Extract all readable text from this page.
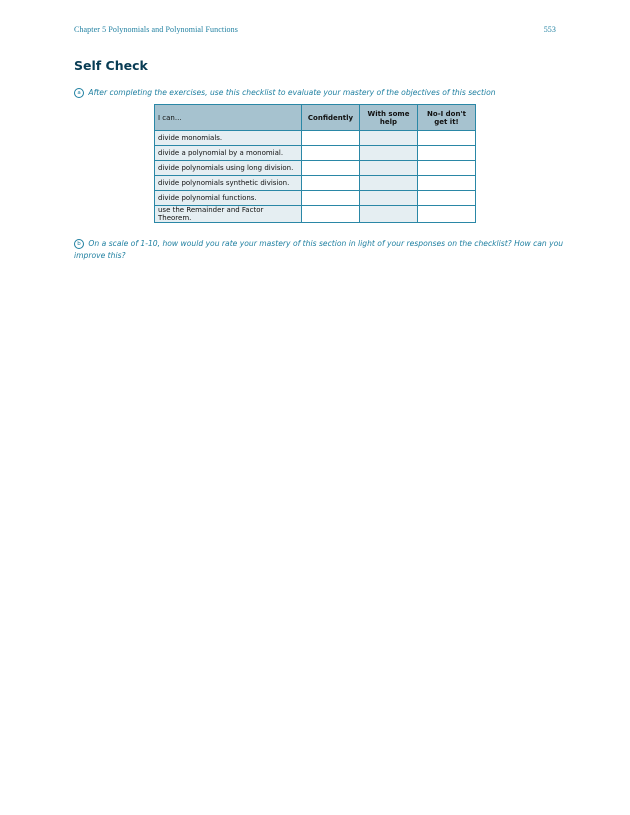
Chapter 5 Polynomials and Polynomial Functions	553
Self Check
a After completing the exercises, use this checklist to evaluate your mastery of the objectives of this section
I can...	Confidently	With some help	No-I don't get it!
divide monomials.			
divide a polynomial by a monomial.			
divide polynomials using long division.			
divide polynomials synthetic division.			
divide polynomial functions.			
use the Remainder and Factor Theorem.			
b On a scale of 1-10, how would you rate your mastery of this section in light of your responses on the checklist? How can you improve this?
